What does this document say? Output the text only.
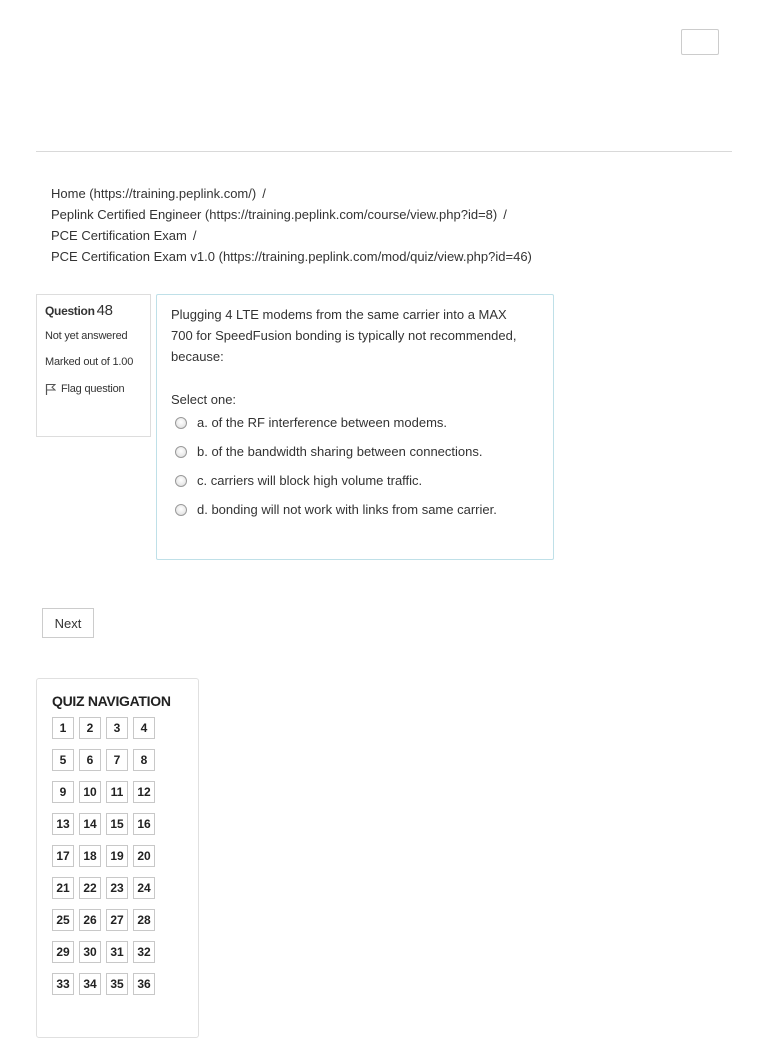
Home (https://training.peplink.com/) /
Peplink Certified Engineer (https://training.peplink.com/course/view.php?id=8) /
PCE Certification Exam /
PCE Certification Exam v1.0 (https://training.peplink.com/mod/quiz/view.php?id=46)
Question 48
Not yet answered
Marked out of 1.00
Flag question
Plugging 4 LTE modems from the same carrier into a MAX 700 for SpeedFusion bonding is typically not recommended, because:
Select one:
a. of the RF interference between modems.
b. of the bandwidth sharing between connections.
c. carriers will block high volume traffic.
d. bonding will not work with links from same carrier.
Next
QUIZ NAVIGATION
1	2	3	4
5	6	7	8
9	10	11	12
13	14	15	16
17	18	19	20
21	22	23	24
25	26	27	28
29	30	31	32
33	34	35	36
